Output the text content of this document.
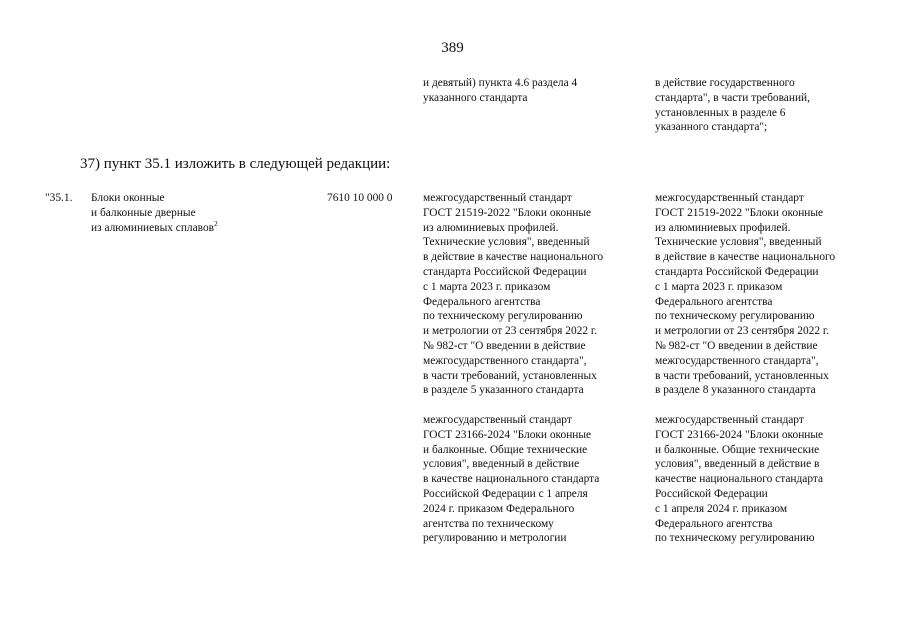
389
и девятый) пункта 4.6 раздела 4
указанного стандарта
в действие государственного
стандарта", в части требований,
установленных в разделе 6
указанного стандарта";
37) пункт 35.1 изложить в следующей редакции:
"35.1. Блоки оконные
и балконные дверные
из алюминиевых сплавов$^2$
7610 10 000 0	межгосударственный стандарт
ГОСТ 21519-2022 "Блоки оконные
из алюминиевых профилей.
Технические условия", введенный
в действие в качестве национального
стандарта Российской Федерации
с 1 марта 2023 г. приказом
Федерального агентства
по техническому регулированию
и метрологии от 23 сентября 2022 г.
№ 982-ст "О введении в действие
межгосударственного стандарта",
в части требований, установленных
в разделе 5 указанного стандарта
межгосударственный стандарт
ГОСТ 21519-2022 "Блоки оконные
из алюминиевых профилей.
Технические условия", введенный
в действие в качестве национального
стандарта Российской Федерации
с 1 марта 2023 г. приказом
Федерального агентства
по техническому регулированию
и метрологии от 23 сентября 2022 г.
№ 982-ст "О введении в действие
межгосударственного стандарта",
в части требований, установленных
в разделе 8 указанного стандарта
межгосударственный стандарт
ГОСТ 23166-2024 "Блоки оконные
и балконные. Общие технические
условия", введенный в действие
в качестве национального стандарта
Российской Федерации с 1 апреля
2024 г. приказом Федерального
агентства по техническому
регулированию и метрологии
межгосударственный стандарт
ГОСТ 23166-2024 "Блоки оконные
и балконные. Общие технические
условия", введенный в действие в
качестве национального стандарта
Российской Федерации
с 1 апреля 2024 г. приказом
Федерального агентства
по техническому регулированию
